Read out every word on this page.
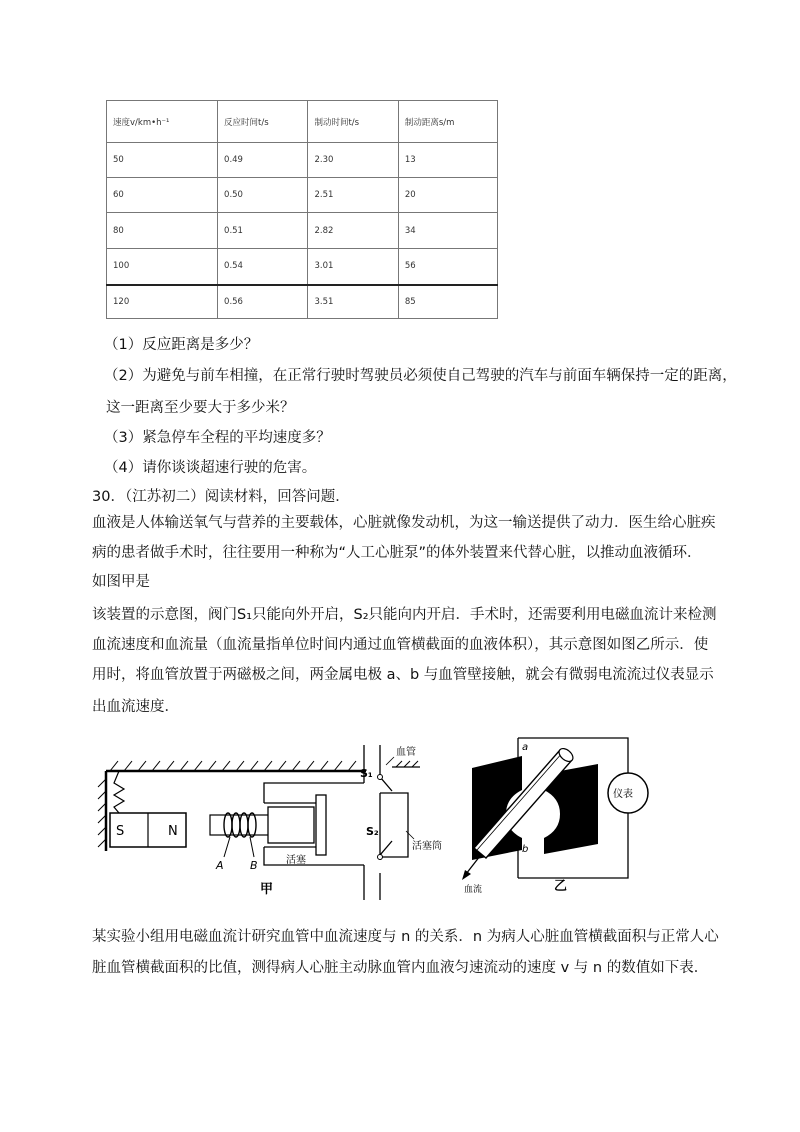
速度v/km•h⁻¹	反应时间t/s	制动时间t/s	制动距离s/m
50	0.49	2.30	13
60	0.50	2.51	20
80	0.51	2.82	34
100	0.54	3.01	56
120	0.56	3.51	85
（1）反应距离是多少？
（2）为避免与前车相撞，在正常行驶时驾驶员必须使自己驾驶的汽车与前面车辆保持一定的距离，
这一距离至少要大于多少米？
（3）紧急停车全程的平均速度多？
（4）请你谈谈超速行驶的危害。
30．（江苏初二）阅读材料，回答问题．
血液是人体输送氧气与营养的主要载体，心脏就像发动机，为这一输送提供了动力．医生给心脏疾
病的患者做手术时，往往要用一种称为“人工心脏泵”的体外装置来代替心脏，以推动血液循环．
如图甲是
该装置的示意图，阀门S₁只能向外开启，S₂只能向内开启．手术时，还需要利用电磁血流计来检测
血流速度和血流量（血流量指单位时间内通过血管横截面的血液体积），其示意图如图乙所示．使
用时，将血管放置于两磁极之间，两金属电极 a、b 与血管壁接触，就会有微弱电流流过仪表显示
出血流速度．
S	N
A B	活塞
S₁
S₂
血管
活塞筒
甲
仪表
血流
a
b
乙
某实验小组用电磁血流计研究血管中血流速度与 n 的关系．n 为病人心脏血管横截面积与正常人心
脏血管横截面积的比值，测得病人心脏主动脉血管内血液匀速流动的速度 v 与 n 的数值如下表．
